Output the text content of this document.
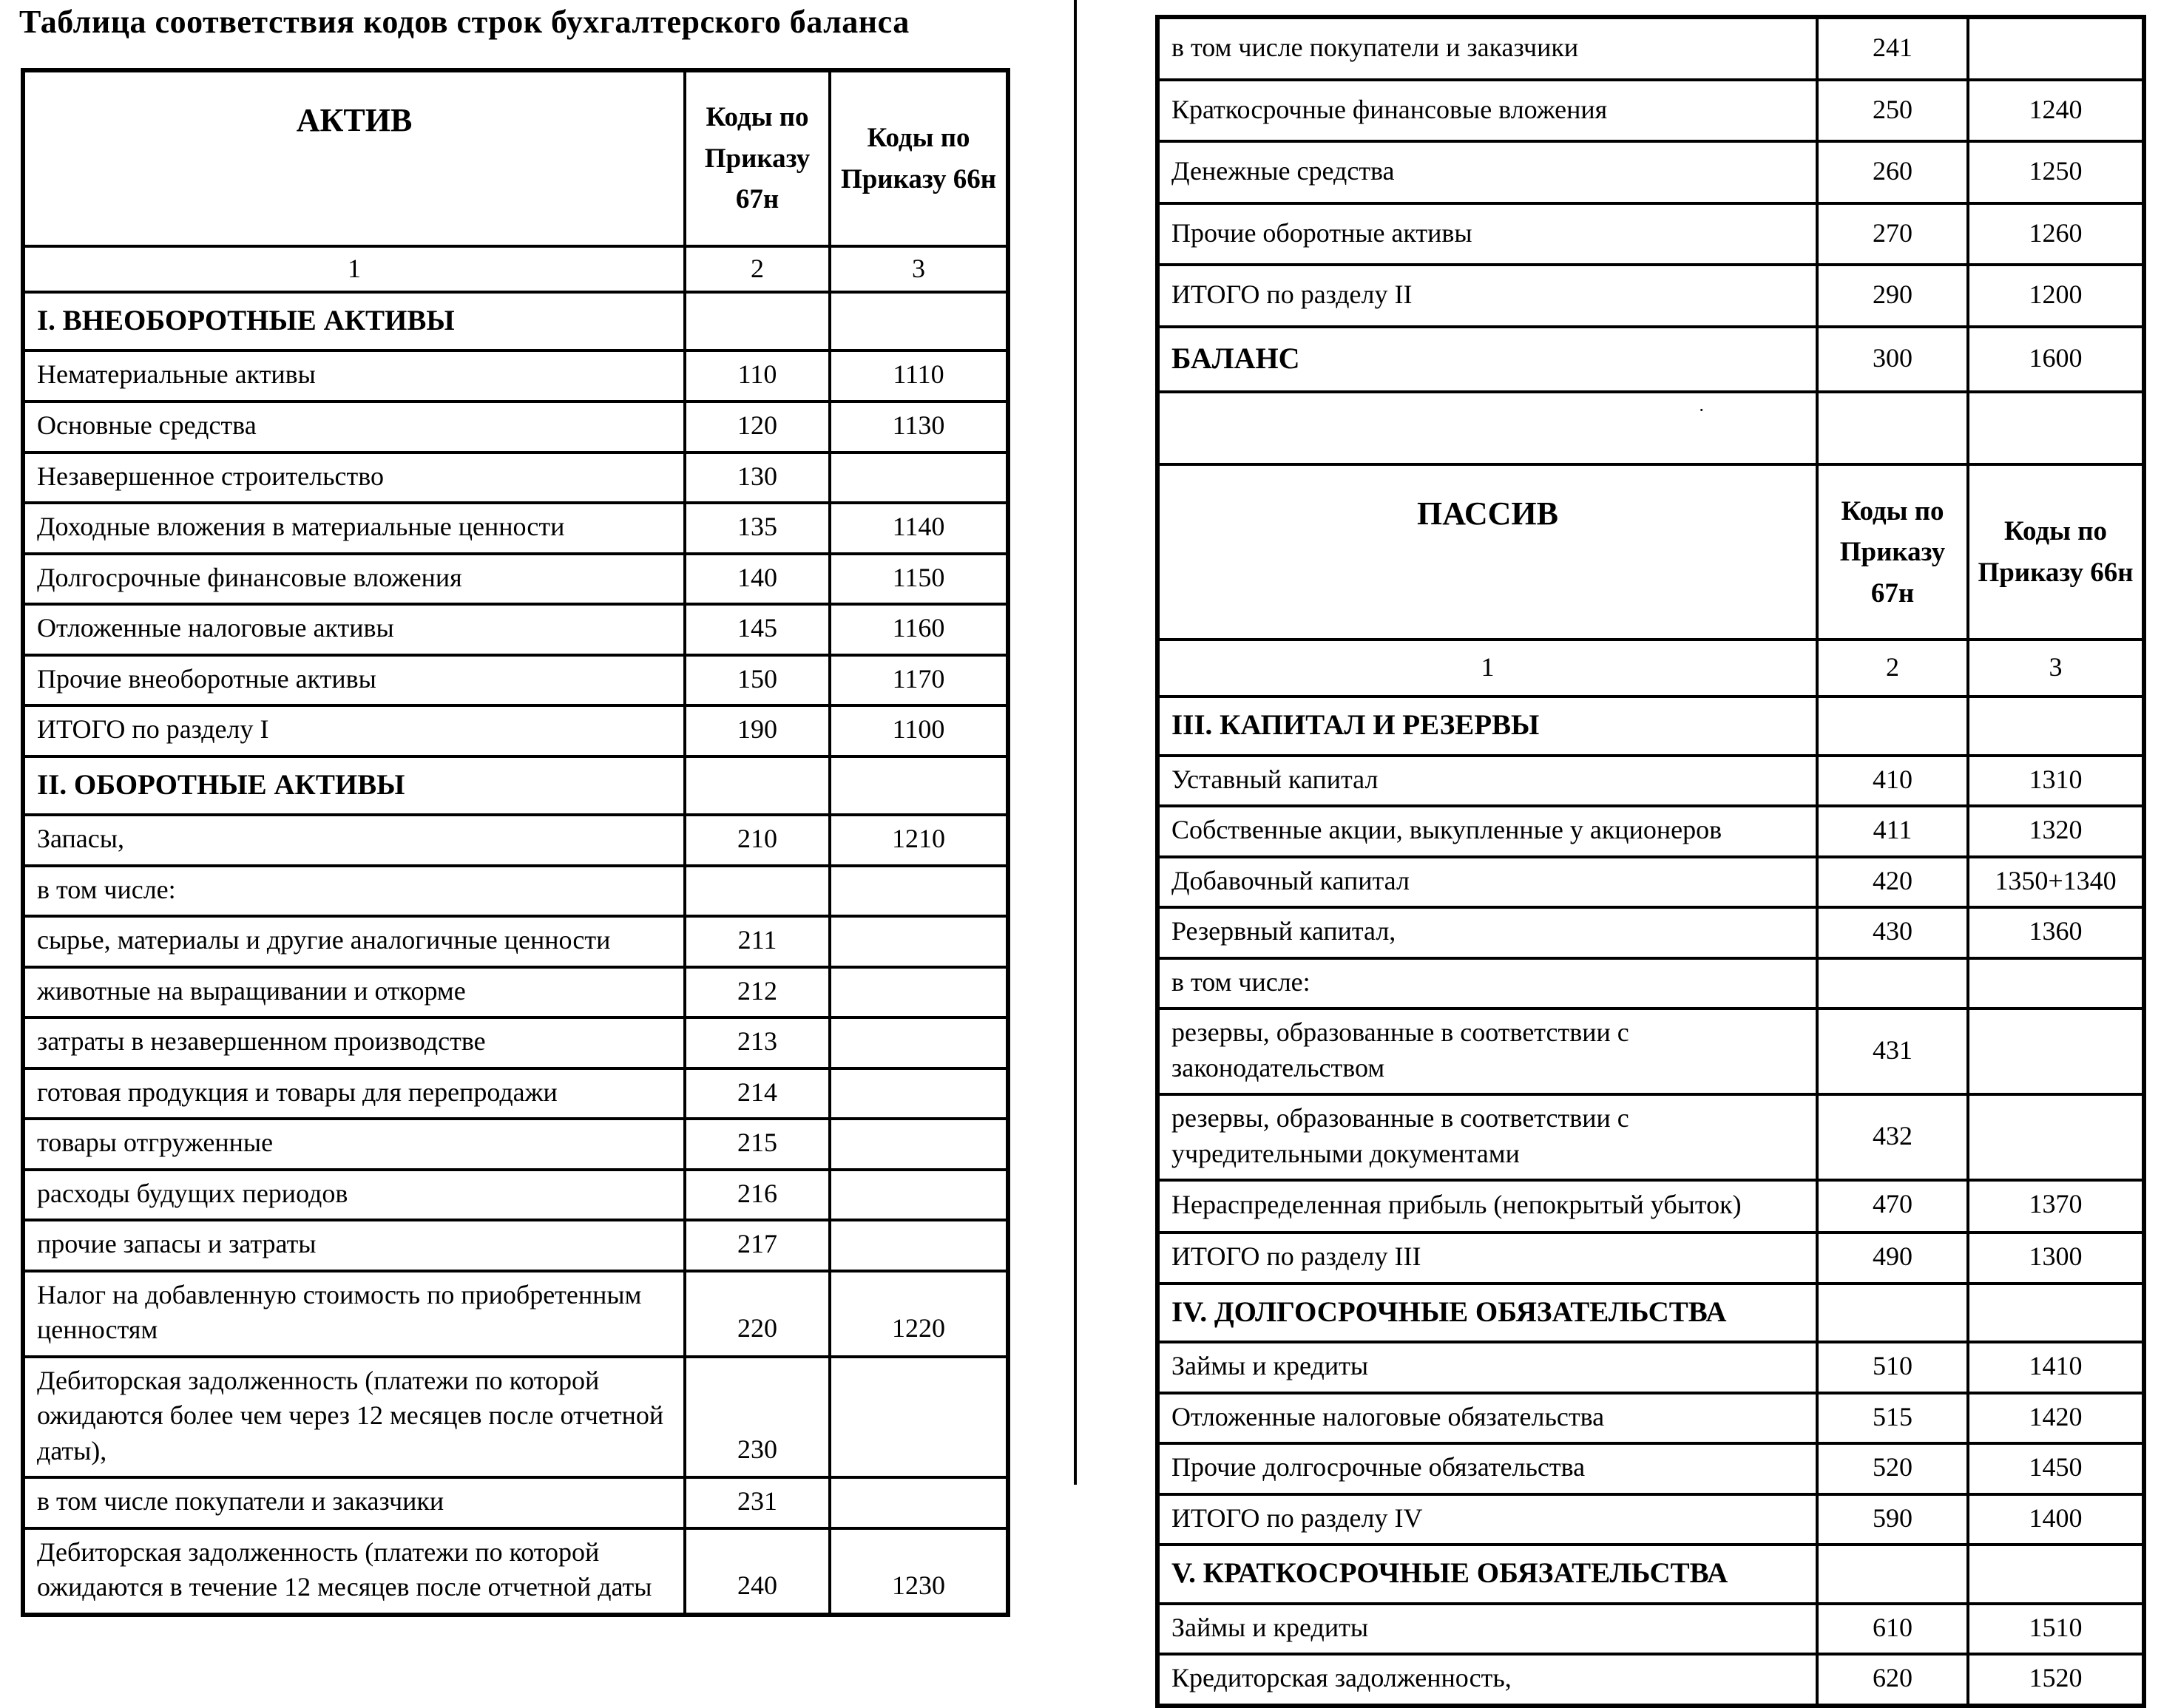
Таблица соответствия кодов строк бухгалтерского баланса
АКТИВ	Коды по Приказу 67н	Коды по Приказу 66н
1	2	3
I. ВНЕОБОРОТНЫЕ АКТИВЫ		
Нематериальные активы	110	1110
Основные средства	120	1130
Незавершенное строительство	130	
Доходные вложения в материальные ценности	135	1140
Долгосрочные финансовые вложения	140	1150
Отложенные налоговые активы	145	1160
Прочие внеоборотные активы	150	1170
ИТОГО по разделу I	190	1100
II. ОБОРОТНЫЕ АКТИВЫ		
Запасы,	210	1210
в том числе:		
сырье, материалы и другие аналогичные ценности	211	
животные на выращивании и откорме	212	
затраты в незавершенном производстве	213	
готовая продукция и товары для перепродажи	214	
товары отгруженные	215	
расходы будущих периодов	216	
прочие запасы и затраты	217	
Налог на добавленную стоимость по приобретенным ценностям	220	1220
Дебиторская задолженность (платежи по которой ожидаются более чем через 12 месяцев после отчетной даты),	230	
в том числе покупатели и заказчики	231	
Дебиторская задолженность (платежи по которой ожидаются в течение 12 месяцев после отчетной даты	240	1230
в том числе покупатели и заказчики	241	
Краткосрочные финансовые вложения	250	1240
Денежные средства	260	1250
Прочие оборотные активы	270	1260
ИТОГО по разделу II	290	1200
БАЛАНС	300	1600
·		
ПАССИВ	Коды по Приказу 67н	Коды по Приказу 66н
1	2	3
III. КАПИТАЛ И РЕЗЕРВЫ		
Уставный капитал	410	1310
Собственные акции, выкупленные у акционеров	411	1320
Добавочный капитал	420	1350+1340
Резервный капитал,	430	1360
в том числе:		
резервы, образованные в соответствии с законодательством	431	
резервы, образованные в соответствии с учредительными документами	432	
Нераспределенная прибыль (непокрытый убыток)	470	1370
ИТОГО по разделу III	490	1300
IV. ДОЛГОСРОЧНЫЕ ОБЯЗАТЕЛЬСТВА		
Займы и кредиты	510	1410
Отложенные налоговые обязательства	515	1420
Прочие долгосрочные обязательства	520	1450
ИТОГО по разделу IV	590	1400
V. КРАТКОСРОЧНЫЕ ОБЯЗАТЕЛЬСТВА		
Займы и кредиты	610	1510
Кредиторская задолженность,	620	1520
